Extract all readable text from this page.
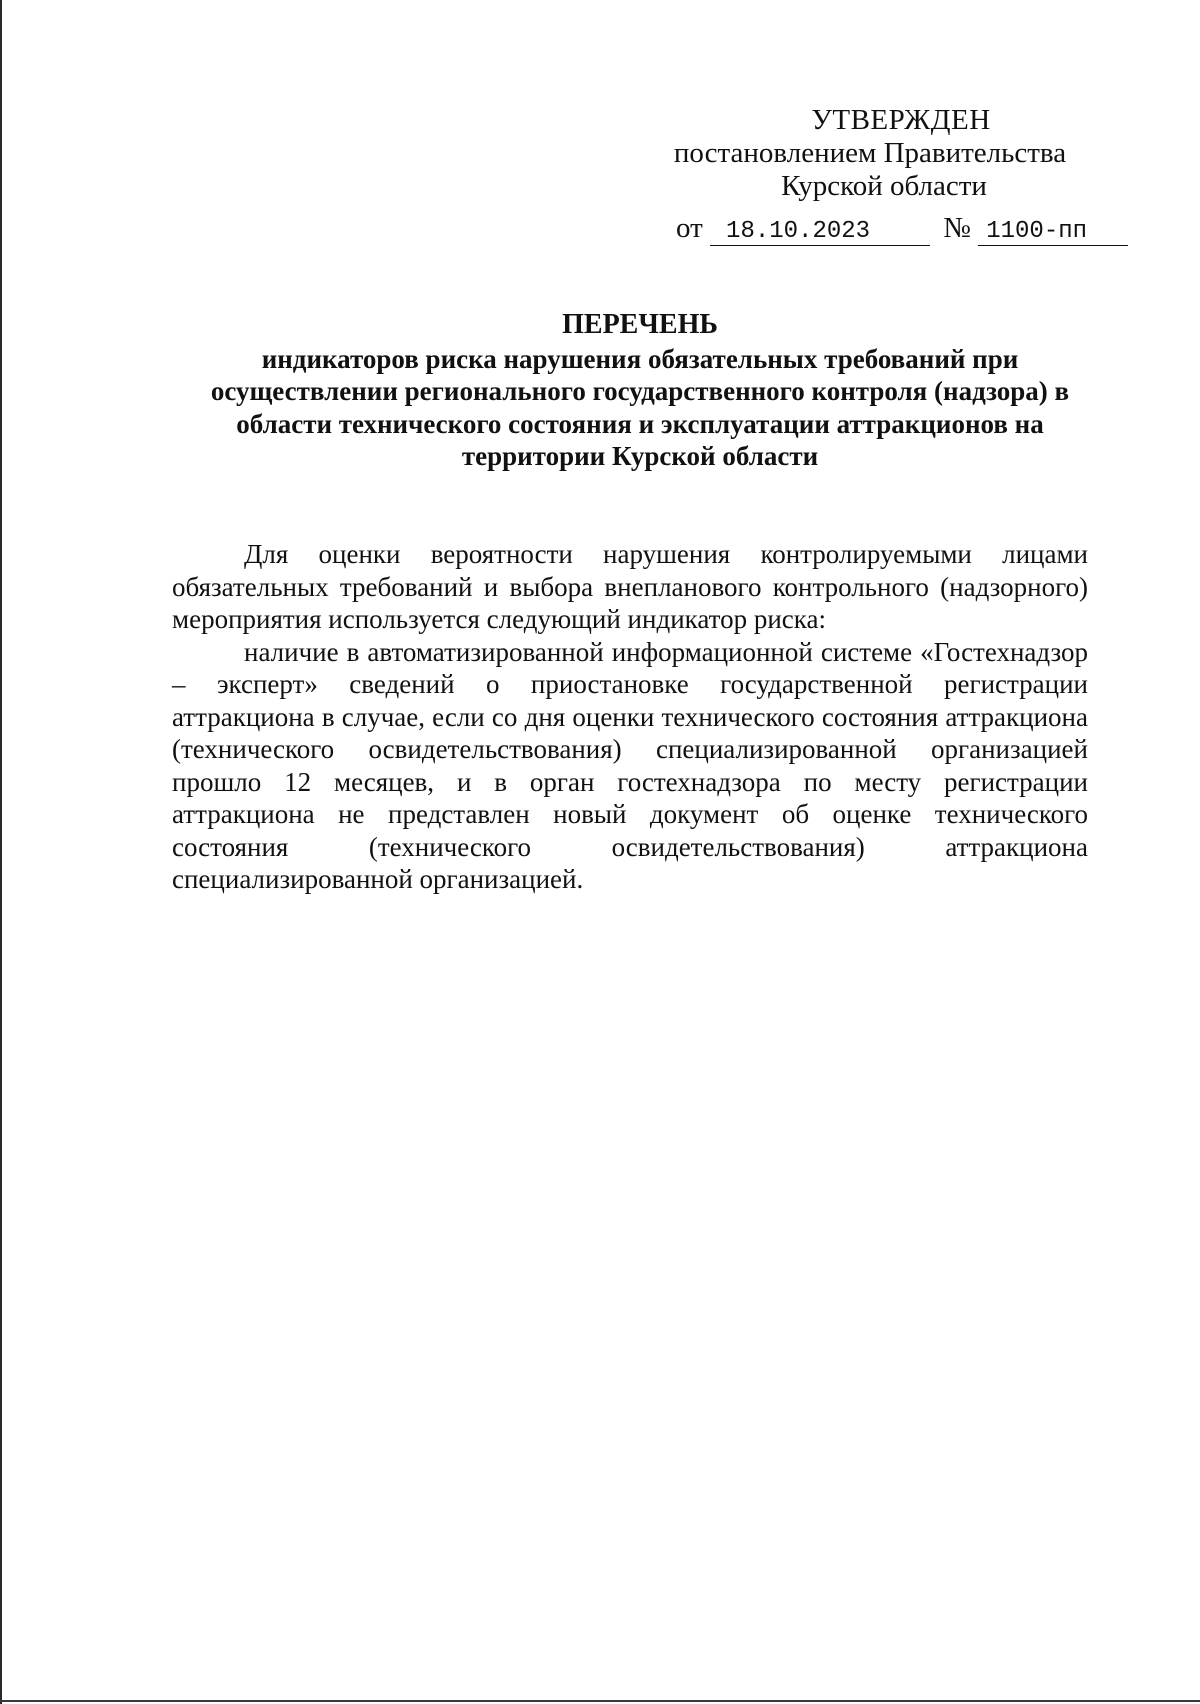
УТВЕРЖДЕН
постановлением Правительства
Курской области
от 18.10.2023	№ 1100-пп
ПЕРЕЧЕНЬ
индикаторов риска нарушения обязательных требований при
осуществлении регионального государственного контроля (надзора) в
области технического состояния и эксплуатации аттракционов на
территории Курской области

Для оценки вероятности нарушения контролируемыми лицами обязательных требований и выбора внепланового контрольного (надзорного) мероприятия используется следующий индикатор риска:

наличие в автоматизированной информационной системе «Гостехнадзор – эксперт» сведений о приостановке государственной регистрации аттракциона в случае, если со дня оценки технического состояния аттракциона (технического освидетельствования) специализированной организацией прошло 12 месяцев, и в орган гостехнадзора по месту регистрации аттракциона не представлен новый документ об оценке технического состояния (технического освидетельствования) аттракциона специализированной организацией.
